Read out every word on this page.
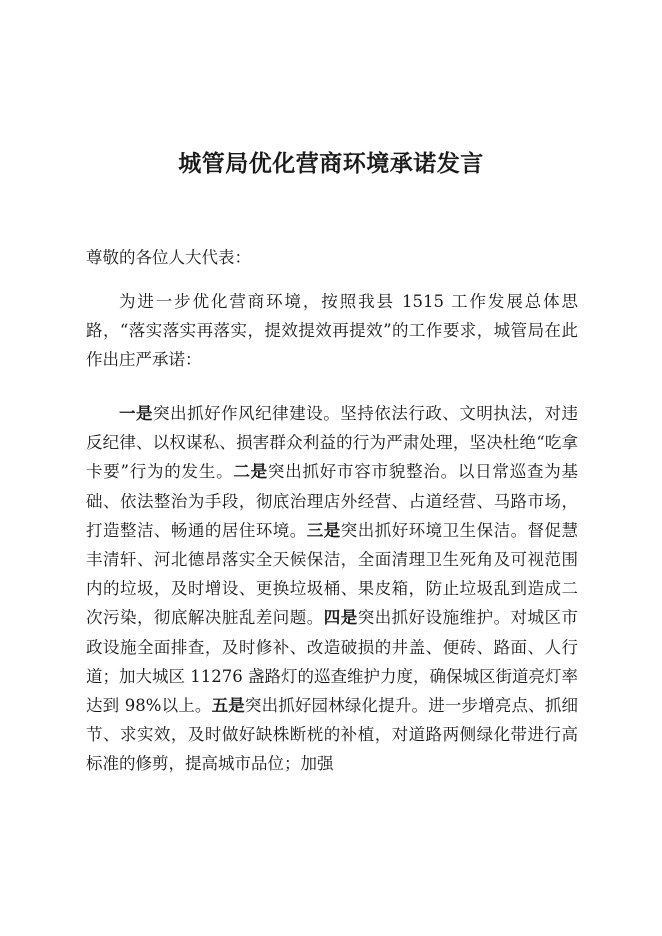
城管局优化营商环境承诺发言
尊敬的各位人大代表：

为进一步优化营商环境，按照我县 1515 工作发展总体思路，“落实落实再落实，提效提效再提效”的工作要求，城管局在此作出庄严承诺：

一是突出抓好作风纪律建设。坚持依法行政、文明执法，对违反纪律、以权谋私、损害群众利益的行为严肃处理，坚决杜绝“吃拿卡要”行为的发生。二是突出抓好市容市貌整治。以日常巡查为基础、依法整治为手段，彻底治理店外经营、占道经营、马路市场，打造整洁、畅通的居住环境。三是突出抓好环境卫生保洁。督促慧丰清轩、河北德昂落实全天候保洁，全面清理卫生死角及可视范围内的垃圾，及时增设、更换垃圾桶、果皮箱，防止垃圾乱到造成二次污染，彻底解决脏乱差问题。四是突出抓好设施维护。对城区市政设施全面排查，及时修补、改造破损的井盖、便砖、路面、人行道；加大城区 11276 盏路灯的巡查维护力度，确保城区街道亮灯率达到 98%以上。五是突出抓好园林绿化提升。进一步增亮点、抓细节、求实效，及时做好缺株断桄的补植，对道路两侧绿化带进行高标准的修剪，提高城市品位；加强
